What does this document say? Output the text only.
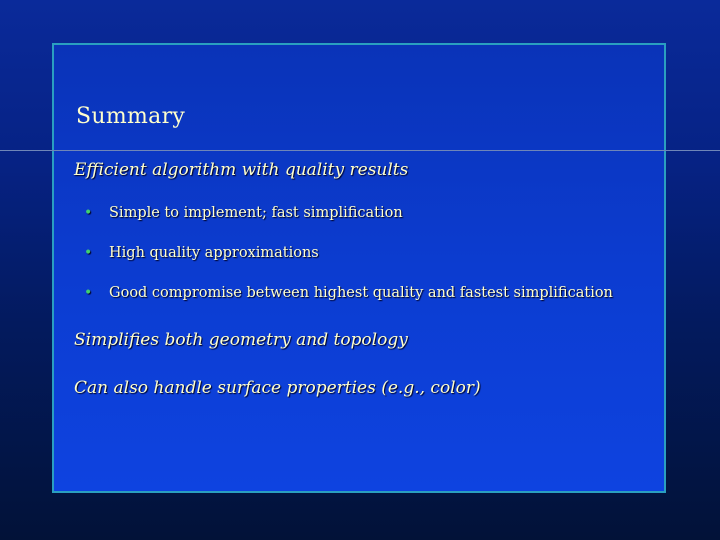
Summary
Efficient algorithm with quality results
• Simple to implement; fast simplification
• High quality approximations
• Good compromise between highest quality and fastest simplification
Simplifies both geometry and topology
Can also handle surface properties (e.g., color)
